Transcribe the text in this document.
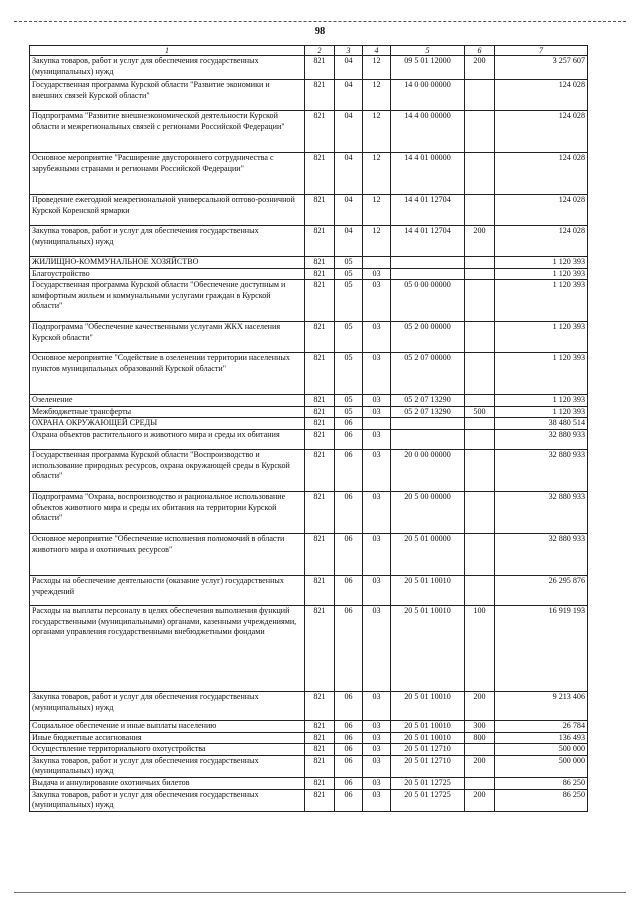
98
1	2	3	4	5	6	7
Закупка товаров, работ и услуг для обеспечения государственных (муниципальных) нужд	821	04	12	09 5 01 12000	200	3 257 607
Государственная программа Курской области "Развитие экономики и внешних связей Курской области"	821	04	12	14 0 00 00000		124 028
Подпрограмма "Развитие внешнеэкономической деятельности Курской области и межрегиональных связей с регионами Российской Федерации"	821	04	12	14 4 00 00000		124 028
Основное мероприятие "Расширение двустороннего сотрудничества с зарубежными странами и регионами Российской Федерации"	821	04	12	14 4 01 00000		124 028
Проведение ежегодной межрегиональной универсальной оптово-розничной Курской Коренской ярмарки	821	04	12	14 4 01 12704		124 028
Закупка товаров, работ и услуг для обеспечения государственных (муниципальных) нужд	821	04	12	14 4 01 12704	200	124 028
ЖИЛИЩНО-КОММУНАЛЬНОЕ ХОЗЯЙСТВО	821	05				1 120 393
Благоустройство	821	05	03			1 120 393
Государственная программа Курской области "Обеспечение доступным и комфортным жильем и коммунальными услугами граждан в Курской области"	821	05	03	05 0 00 00000		1 120 393
Подпрограмма "Обеспечение качественными услугами ЖКХ населения Курской области"	821	05	03	05 2 00 00000		1 120 393
Основное мероприятие "Содействие в озеленении территории населенных пунктов муниципальных образований Курской области"	821	05	03	05 2 07 00000		1 120 393
Озеленение	821	05	03	05 2 07 13290		1 120 393
Межбюджетные трансферты	821	05	03	05 2 07 13290	500	1 120 393
ОХРАНА ОКРУЖАЮЩЕЙ СРЕДЫ	821	06				38 480 514
Охрана объектов растительного и животного мира и среды их обитания	821	06	03			32 880 933
Государственная программа Курской области "Воспроизводство и использование природных ресурсов, охрана окружающей среды в Курской области"	821	06	03	20 0 00 00000		32 880 933
Подпрограмма "Охрана, воспроизводство и рациональное использование объектов животного мира и среды их обитания на территории Курской области"	821	06	03	20 5 00 00000		32 880 933
Основное мероприятие "Обеспечение исполнения полномочий в области животного мира и охотничьих ресурсов"	821	06	03	20 5 01 00000		32 880 933
Расходы на обеспечение деятельности (оказание услуг) государственных учреждений	821	06	03	20 5 01 10010		26 295 876
Расходы на выплаты персоналу в целях обеспечения выполнения функций государственными (муниципальными) органами, казенными учреждениями, органами управления государственными внебюджетными фондами	821	06	03	20 5 01 10010	100	16 919 193
Закупка товаров, работ и услуг для обеспечения государственных (муниципальных) нужд	821	06	03	20 5 01 10010	200	9 213 406
Социальное обеспечение и иные выплаты населению	821	06	03	20 5 01 10010	300	26 784
Иные бюджетные ассигнования	821	06	03	20 5 01 10010	800	136 493
Осуществление территориального охотустройства	821	06	03	20 5 01 12710		500 000
Закупка товаров, работ и услуг для обеспечения государственных (муниципальных) нужд	821	06	03	20 5 01 12710	200	500 000
Выдача и аннулирование охотничьих билетов	821	06	03	20 5 01 12725		86 250
Закупка товаров, работ и услуг для обеспечения государственных (муниципальных) нужд	821	06	03	20 5 01 12725	200	86 250
